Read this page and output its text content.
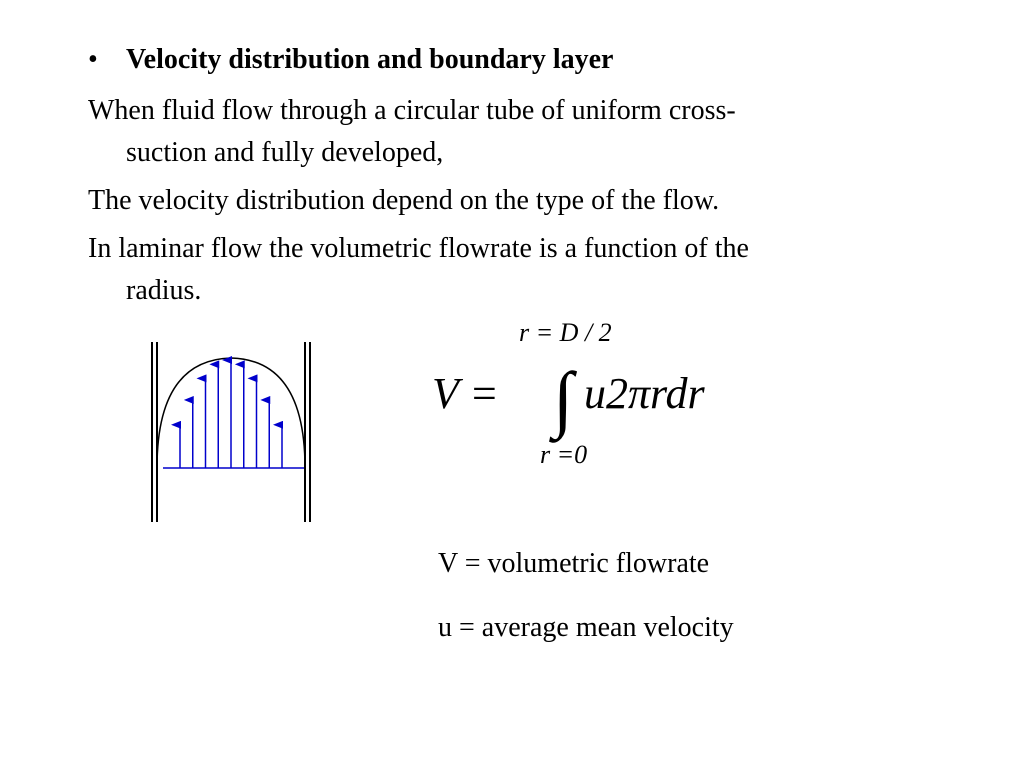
• Velocity distribution and boundary layer
When fluid flow through a circular tube of uniform cross-
suction and fully developed,
The velocity distribution depend on the type of the flow.
In laminar flow the volumetric flowrate is a function of the
radius.
r = D / 2
V = ∫ u2πrdr
r =0
V = volumetric flowrate
u = average mean velocity
